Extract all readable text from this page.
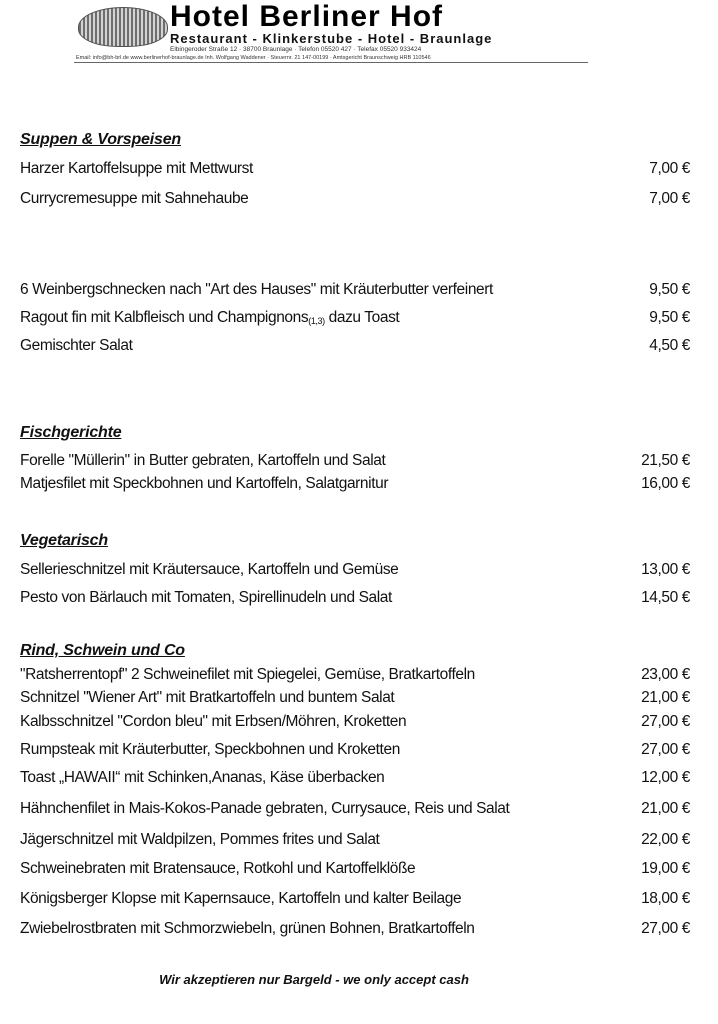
Hotel Berliner Hof
Restaurant - Klinkerstube - Hotel - Braunlage
Elbingeroder Straße 12 · 38700 Braunlage · Telefon 05520 427 · Telefax 05520 933424
Email: info@bh-brl.de www.berlinerhof-braunlage.de Inh. Wolfgang Waddener · Steuernr. 21 147-00199 · Amtsgericht Braunschweig HRB 110546
Suppen & Vorspeisen
Harzer Kartoffelsuppe mit Mettwurst	7,00 €
Currycremesuppe mit Sahnehaube	7,00 €
6 Weinbergschnecken nach "Art des Hauses" mit Kräuterbutter verfeinert	9,50 €
Ragout fin mit Kalbfleisch und Champignons$_{(1,3)}$ dazu Toast	9,50 €
Gemischter Salat	4,50 €
Fischgerichte
Forelle "Müllerin" in Butter gebraten, Kartoffeln und Salat	21,50 €
Matjesfilet mit Speckbohnen und Kartoffeln, Salatgarnitur	16,00 €
Vegetarisch
Sellerieschnitzel mit Kräutersauce, Kartoffeln und Gemüse	13,00 €
Pesto von Bärlauch mit Tomaten, Spirellinudeln und Salat	14,50 €
Rind, Schwein und Co
"Ratsherrentopf" 2 Schweinefilet mit Spiegelei, Gemüse, Bratkartoffeln	23,00 €
Schnitzel "Wiener Art" mit Bratkartoffeln und buntem Salat	21,00 €
Kalbsschnitzel "Cordon bleu" mit Erbsen/Möhren, Kroketten	27,00 €
Rumpsteak mit Kräuterbutter, Speckbohnen und Kroketten	27,00 €
Toast „HAWAII“ mit Schinken,Ananas, Käse überbacken	12,00 €
Hähnchenfilet in Mais-Kokos-Panade gebraten, Currysauce, Reis und Salat	21,00 €
Jägerschnitzel mit Waldpilzen, Pommes frites und Salat	22,00 €
Schweinebraten mit Bratensauce, Rotkohl und Kartoffelklöße	19,00 €
Königsberger Klopse mit Kapernsauce, Kartoffeln und kalter Beilage	18,00 €
Zwiebelrostbraten mit Schmorzwiebeln, grünen Bohnen, Bratkartoffeln	27,00 €
Wir akzeptieren nur Bargeld - we only accept cash
